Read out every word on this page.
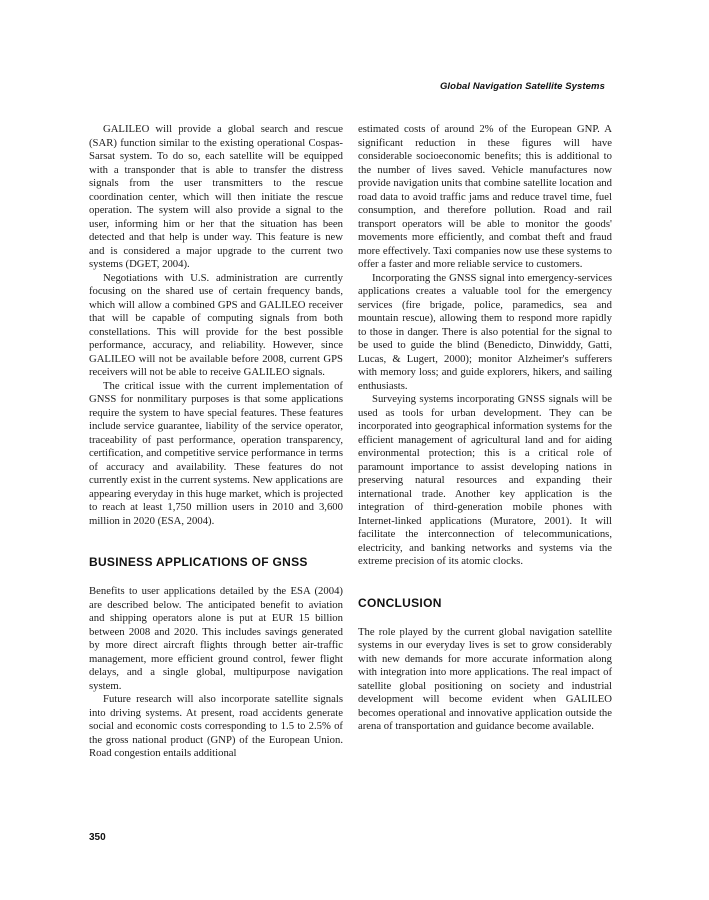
Global Navigation Satellite Systems

GALILEO will provide a global search and rescue (SAR) function similar to the existing operational Cospas-Sarsat system. To do so, each satellite will be equipped with a transponder that is able to transfer the distress signals from the user transmitters to the rescue coordination center, which will then initiate the rescue operation. The system will also provide a signal to the user, informing him or her that the situation has been detected and that help is under way. This feature is new and is considered a major upgrade to the current two systems (DGET, 2004).

Negotiations with U.S. administration are currently focusing on the shared use of certain frequency bands, which will allow a combined GPS and GALILEO receiver that will be capable of computing signals from both constellations. This will provide for the best possible performance, accuracy, and reliability. However, since GALILEO will not be available before 2008, current GPS receivers will not be able to receive GALILEO signals.

The critical issue with the current implementation of GNSS for nonmilitary purposes is that some applications require the system to have special features. These features include service guarantee, liability of the service operator, traceability of past performance, operation transparency, certification, and competitive service performance in terms of accuracy and availability. These features do not currently exist in the current systems. New applications are appearing everyday in this huge market, which is projected to reach at least 1,750 million users in 2010 and 3,600 million in 2020 (ESA, 2004).

BUSINESS APPLICATIONS OF GNSS

Benefits to user applications detailed by the ESA (2004) are described below. The anticipated benefit to aviation and shipping operators alone is put at EUR 15 billion between 2008 and 2020. This includes savings generated by more direct aircraft flights through better air-traffic management, more efficient ground control, fewer flight delays, and a single global, multipurpose navigation system.

Future research will also incorporate satellite signals into driving systems. At present, road accidents generate social and economic costs corresponding to 1.5 to 2.5% of the gross national product (GNP) of the European Union. Road congestion entails additional

estimated costs of around 2% of the European GNP. A significant reduction in these figures will have considerable socioeconomic benefits; this is additional to the number of lives saved. Vehicle manufactures now provide navigation units that combine satellite location and road data to avoid traffic jams and reduce travel time, fuel consumption, and therefore pollution. Road and rail transport operators will be able to monitor the goods' movements more efficiently, and combat theft and fraud more effectively. Taxi companies now use these systems to offer a faster and more reliable service to customers.

Incorporating the GNSS signal into emergency-services applications creates a valuable tool for the emergency services (fire brigade, police, paramedics, sea and mountain rescue), allowing them to respond more rapidly to those in danger. There is also potential for the signal to be used to guide the blind (Benedicto, Dinwiddy, Gatti, Lucas, & Lugert, 2000); monitor Alzheimer's sufferers with memory loss; and guide explorers, hikers, and sailing enthusiasts.

Surveying systems incorporating GNSS signals will be used as tools for urban development. They can be incorporated into geographical information systems for the efficient management of agricultural land and for aiding environmental protection; this is a critical role of paramount importance to assist developing nations in preserving natural resources and expanding their international trade. Another key application is the integration of third-generation mobile phones with Internet-linked applications (Muratore, 2001). It will facilitate the interconnection of telecommunications, electricity, and banking networks and systems via the extreme precision of its atomic clocks.

CONCLUSION

The role played by the current global navigation satellite systems in our everyday lives is set to grow considerably with new demands for more accurate information along with integration into more applications. The real impact of satellite global positioning on society and industrial development will become evident when GALILEO becomes operational and innovative application outside the arena of transportation and guidance become available.

350
